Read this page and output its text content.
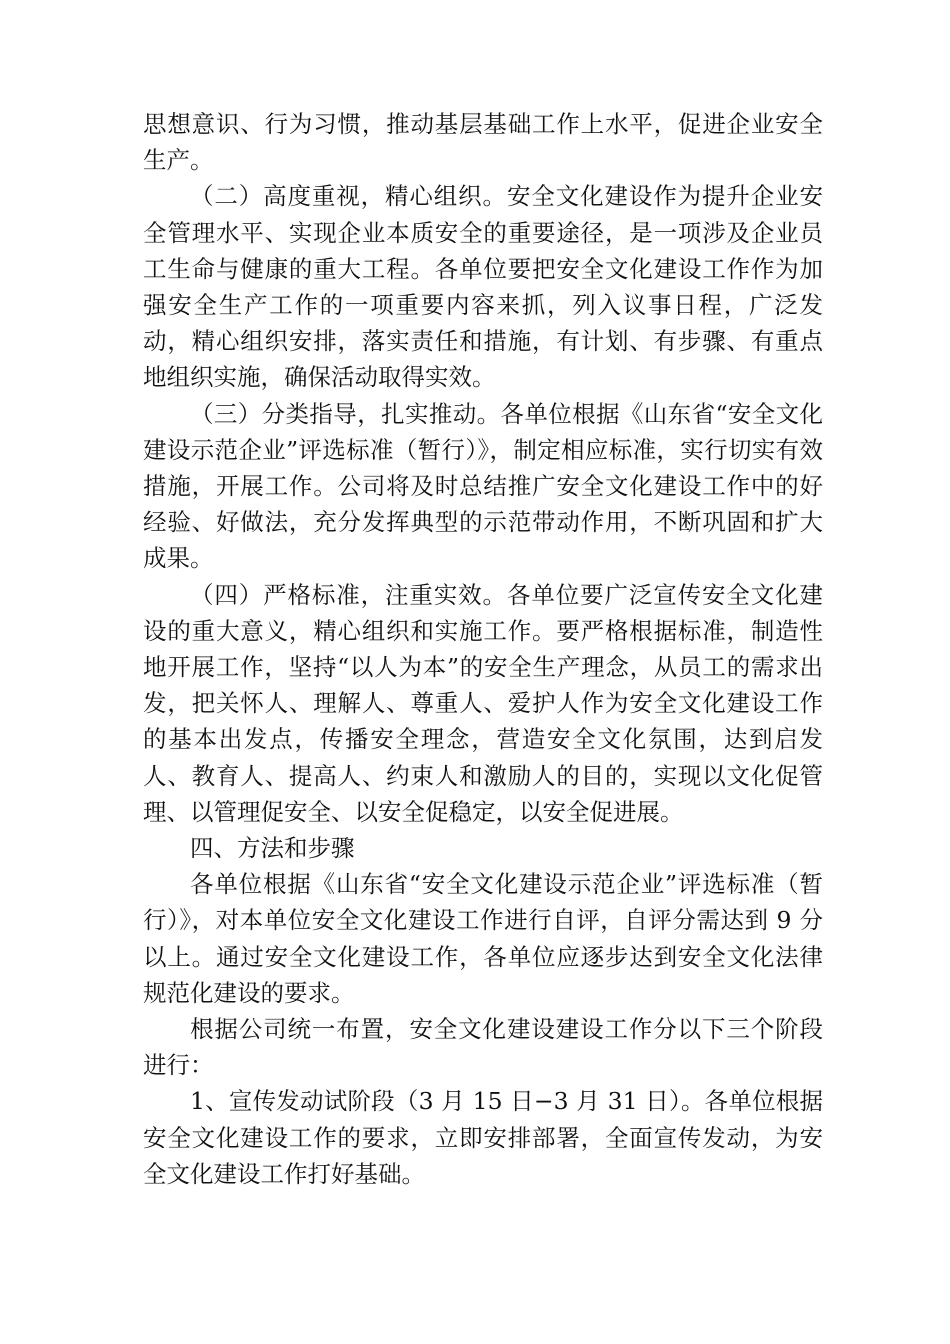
思想意识、行为习惯，推动基层基础工作上水平，促进企业安全生产。

（二）高度重视，精心组织。安全文化建设作为提升企业安全管理水平、实现企业本质安全的重要途径，是一项涉及企业员工生命与健康的重大工程。各单位要把安全文化建设工作作为加强安全生产工作的一项重要内容来抓，列入议事日程，广泛发动，精心组织安排，落实责任和措施，有计划、有步骤、有重点地组织实施，确保活动取得实效。

（三）分类指导，扎实推动。各单位根据《山东省“安全文化建设示范企业”评选标准（暂行）》，制定相应标准，实行切实有效措施，开展工作。公司将及时总结推广安全文化建设工作中的好经验、好做法，充分发挥典型的示范带动作用，不断巩固和扩大成果。

（四）严格标准，注重实效。各单位要广泛宣传安全文化建设的重大意义，精心组织和实施工作。要严格根据标准，制造性地开展工作，坚持“以人为本”的安全生产理念，从员工的需求出发，把关怀人、理解人、尊重人、爱护人作为安全文化建设工作的基本出发点，传播安全理念，营造安全文化氛围，达到启发人、教育人、提高人、约束人和激励人的目的，实现以文化促管理、以管理促安全、以安全促稳定，以安全促进展。

四、方法和步骤

各单位根据《山东省“安全文化建设示范企业”评选标准（暂行）》，对本单位安全文化建设工作进行自评，自评分需达到 9 分以上。通过安全文化建设工作，各单位应逐步达到安全文化法律规范化建设的要求。

根据公司统一布置，安全文化建设建设工作分以下三个阶段进行：

1、宣传发动试阶段（3 月 15 日−3 月 31 日）。各单位根据安全文化建设工作的要求，立即安排部署，全面宣传发动，为安全文化建设工作打好基础。
